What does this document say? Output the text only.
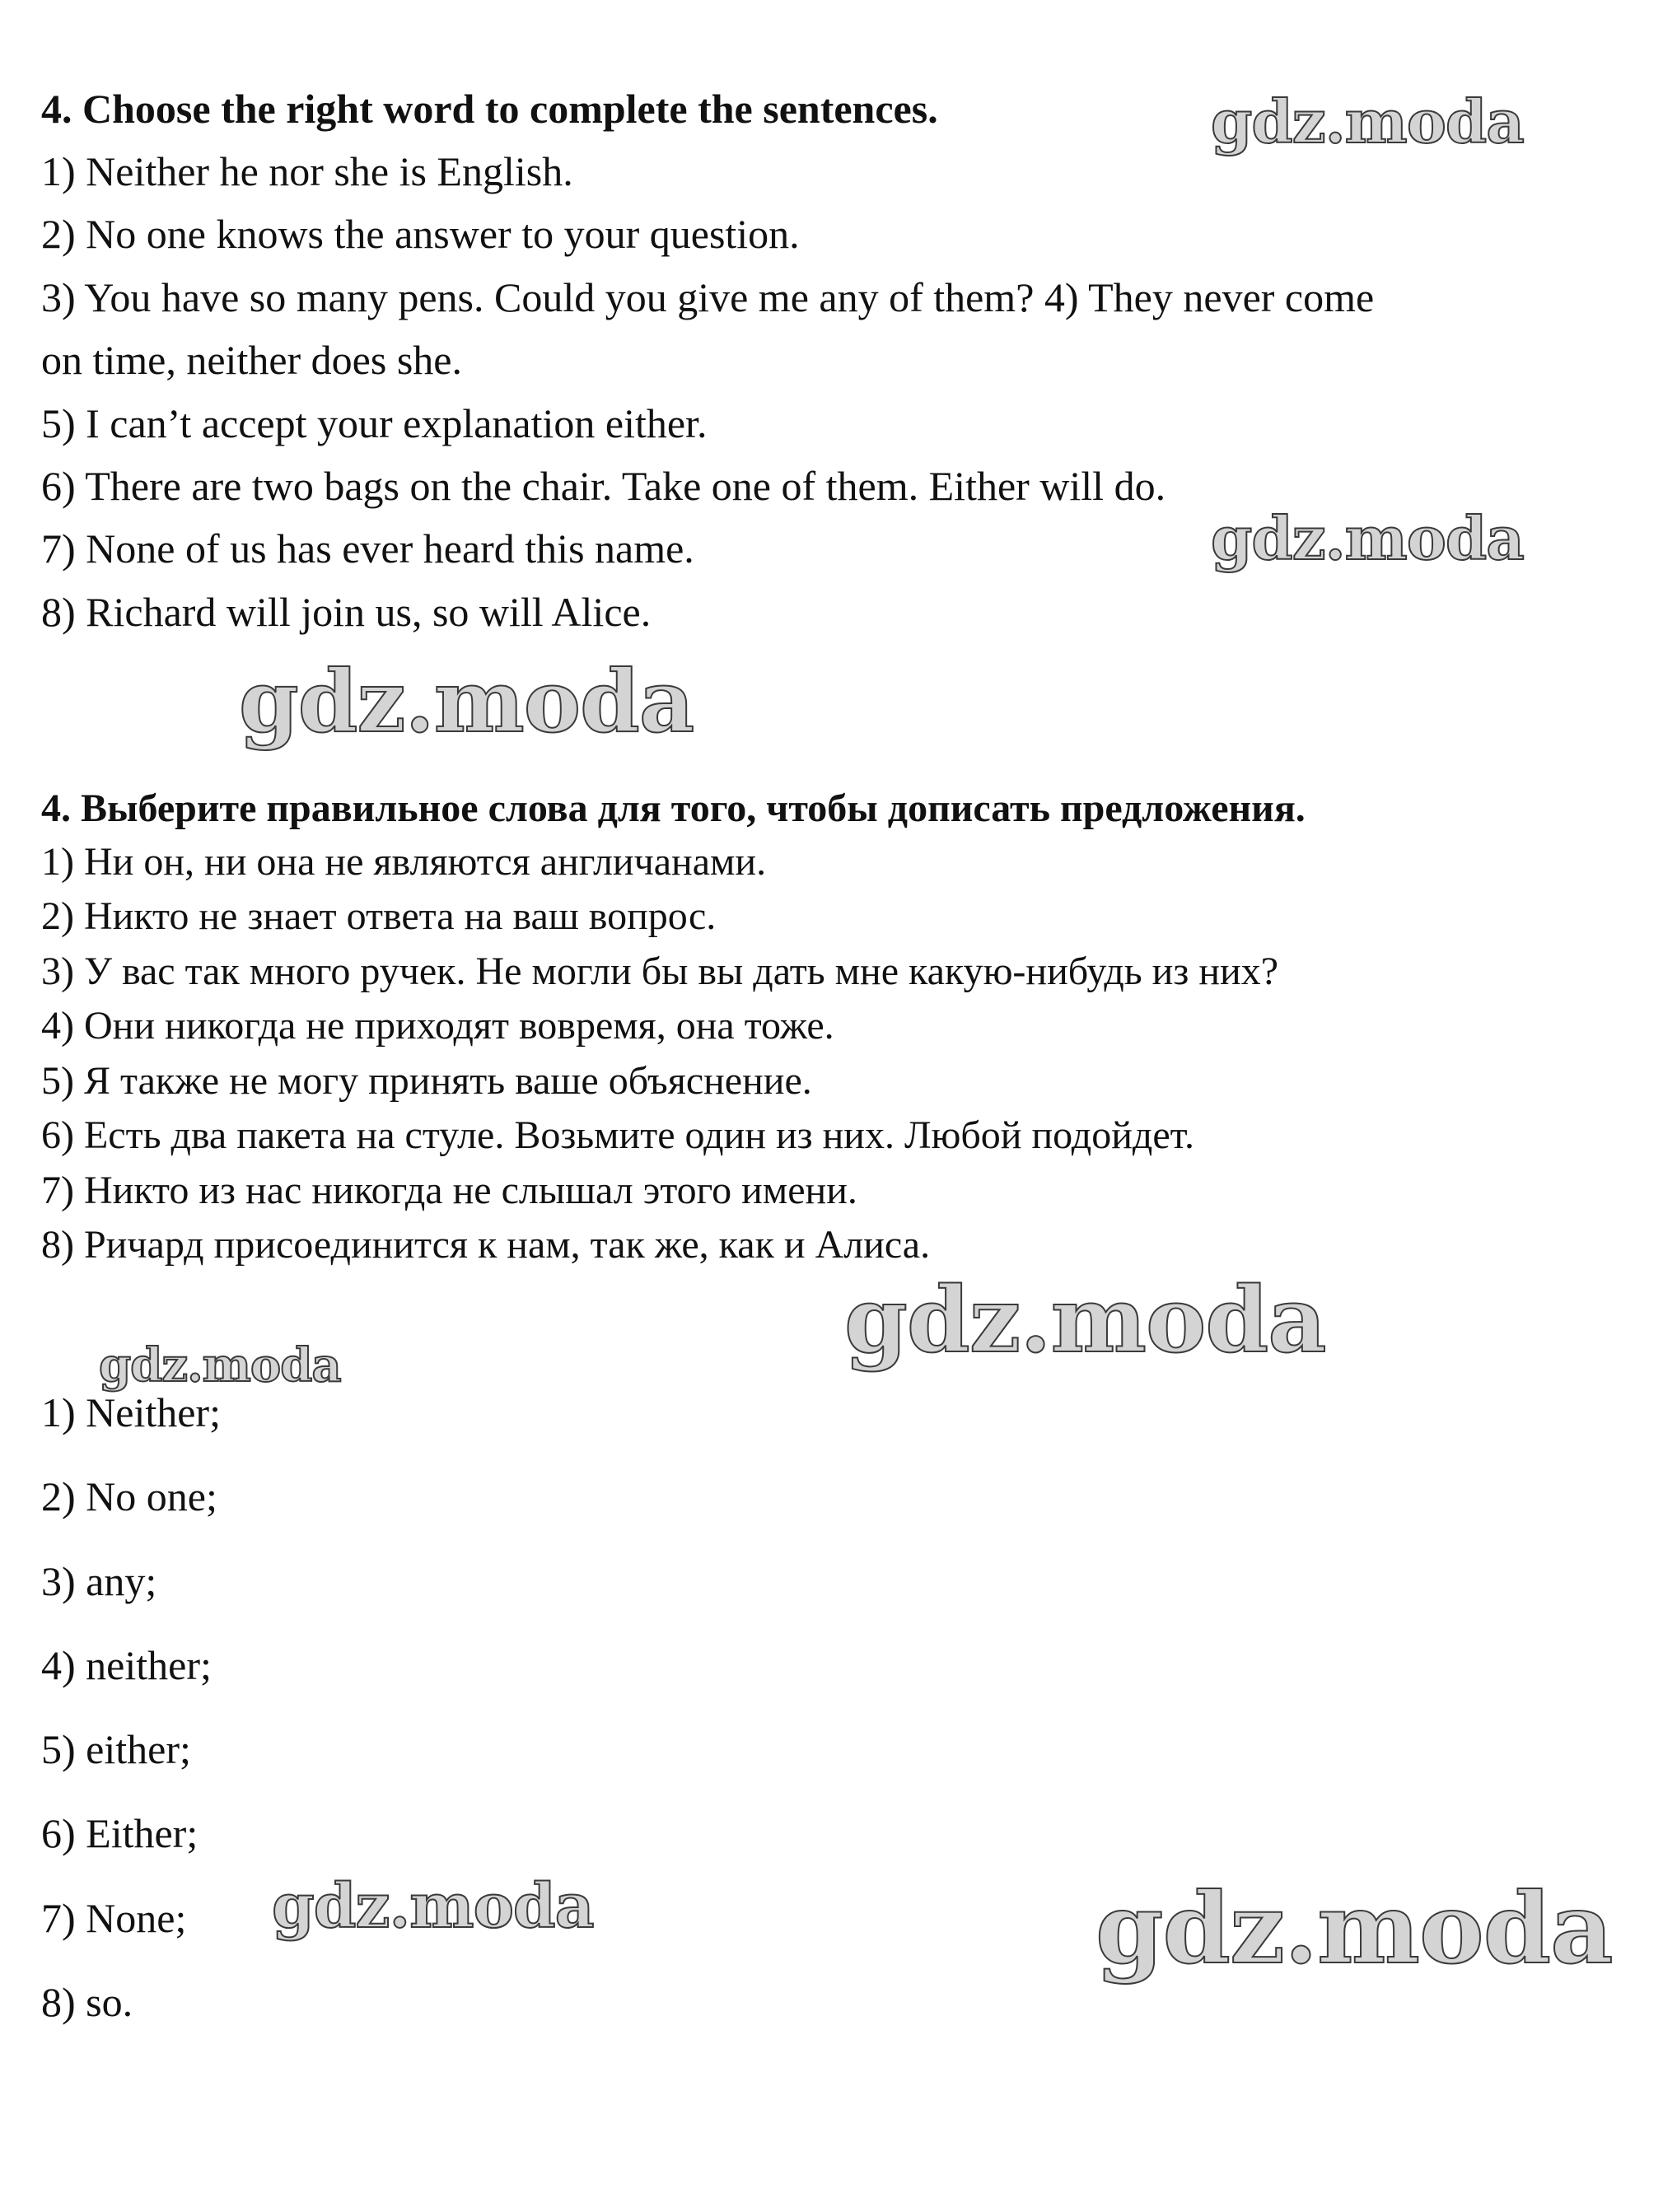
4. Choose the right word to complete the sentences.
1) Neither he nor she is English.
2) No one knows the answer to your question.
3) You have so many pens. Could you give me any of them? 4) They never come
on time, neither does she.
5) I can’t accept your explanation either.
6) There are two bags on the chair. Take one of them. Either will do.
7) None of us has ever heard this name.
8) Richard will join us, so will Alice.
4. Выберите правильное слова для того, чтобы дописать предложения.
1) Ни он, ни она не являются англичанами.
2) Никто не знает ответа на ваш вопрос.
3) У вас так много ручек. Не могли бы вы дать мне какую-нибудь из них?
4) Они никогда не приходят вовремя, она тоже.
5) Я также не могу принять ваше объяснение.
6) Есть два пакета на стуле. Возьмите один из них. Любой подойдет.
7) Никто из нас никогда не слышал этого имени.
8) Ричард присоединится к нам, так же, как и Алиса.
1) Neither;
2) No one;
3) any;
4) neither;
5) either;
6) Either;
7) None;
8) so.
gdz.moda
gdz.moda
gdz.moda
gdz.moda
gdz.moda
gdz.moda	gdz.moda
